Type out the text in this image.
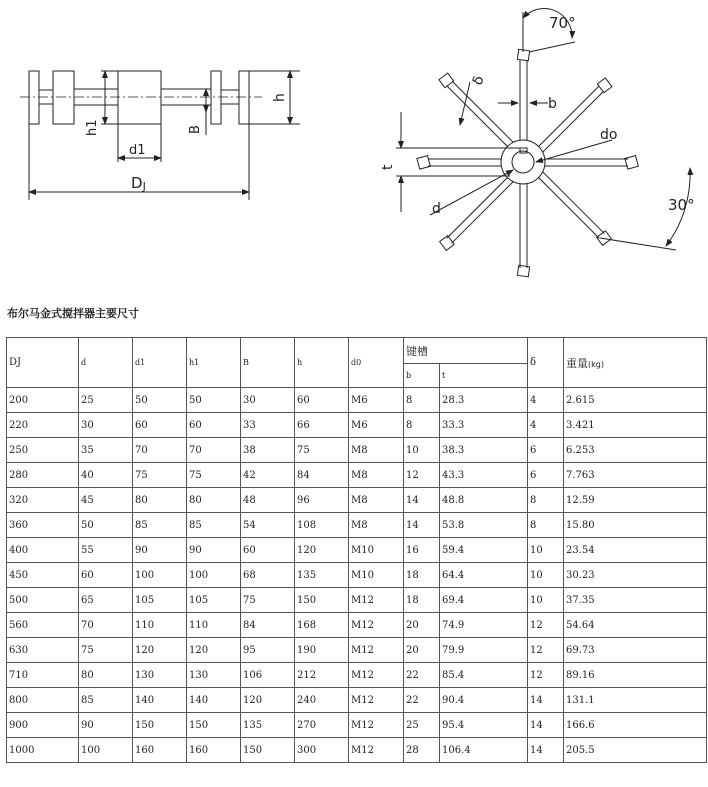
h1
d1
B
h
DJ
70°
δ
b
do
t
d	30°
布尔马金式搅拌器主要尺寸
DJ	d	d1	h1	B	h	d0	键槽		δ	重量(kg)
							b	t		
200	25	50	50	30	60	M6	8	28.3	4	2.615
220	30	60	60	33	66	M6	8	33.3	4	3.421
250	35	70	70	38	75	M8	10	38.3	6	6.253
280	40	75	75	42	84	M8	12	43.3	6	7.763
320	45	80	80	48	96	M8	14	48.8	8	12.59
360	50	85	85	54	108	M8	14	53.8	8	15.80
400	55	90	90	60	120	M10	16	59.4	10	23.54
450	60	100	100	68	135	M10	18	64.4	10	30.23
500	65	105	105	75	150	M12	18	69.4	10	37.35
560	70	110	110	84	168	M12	20	74.9	12	54.64
630	75	120	120	95	190	M12	20	79.9	12	69.73
710	80	130	130	106	212	M12	22	85.4	12	89.16
800	85	140	140	120	240	M12	22	90.4	14	131.1
900	90	150	150	135	270	M12	25	95.4	14	166.6
1000	100	160	160	150	300	M12	28	106.4	14	205.5
